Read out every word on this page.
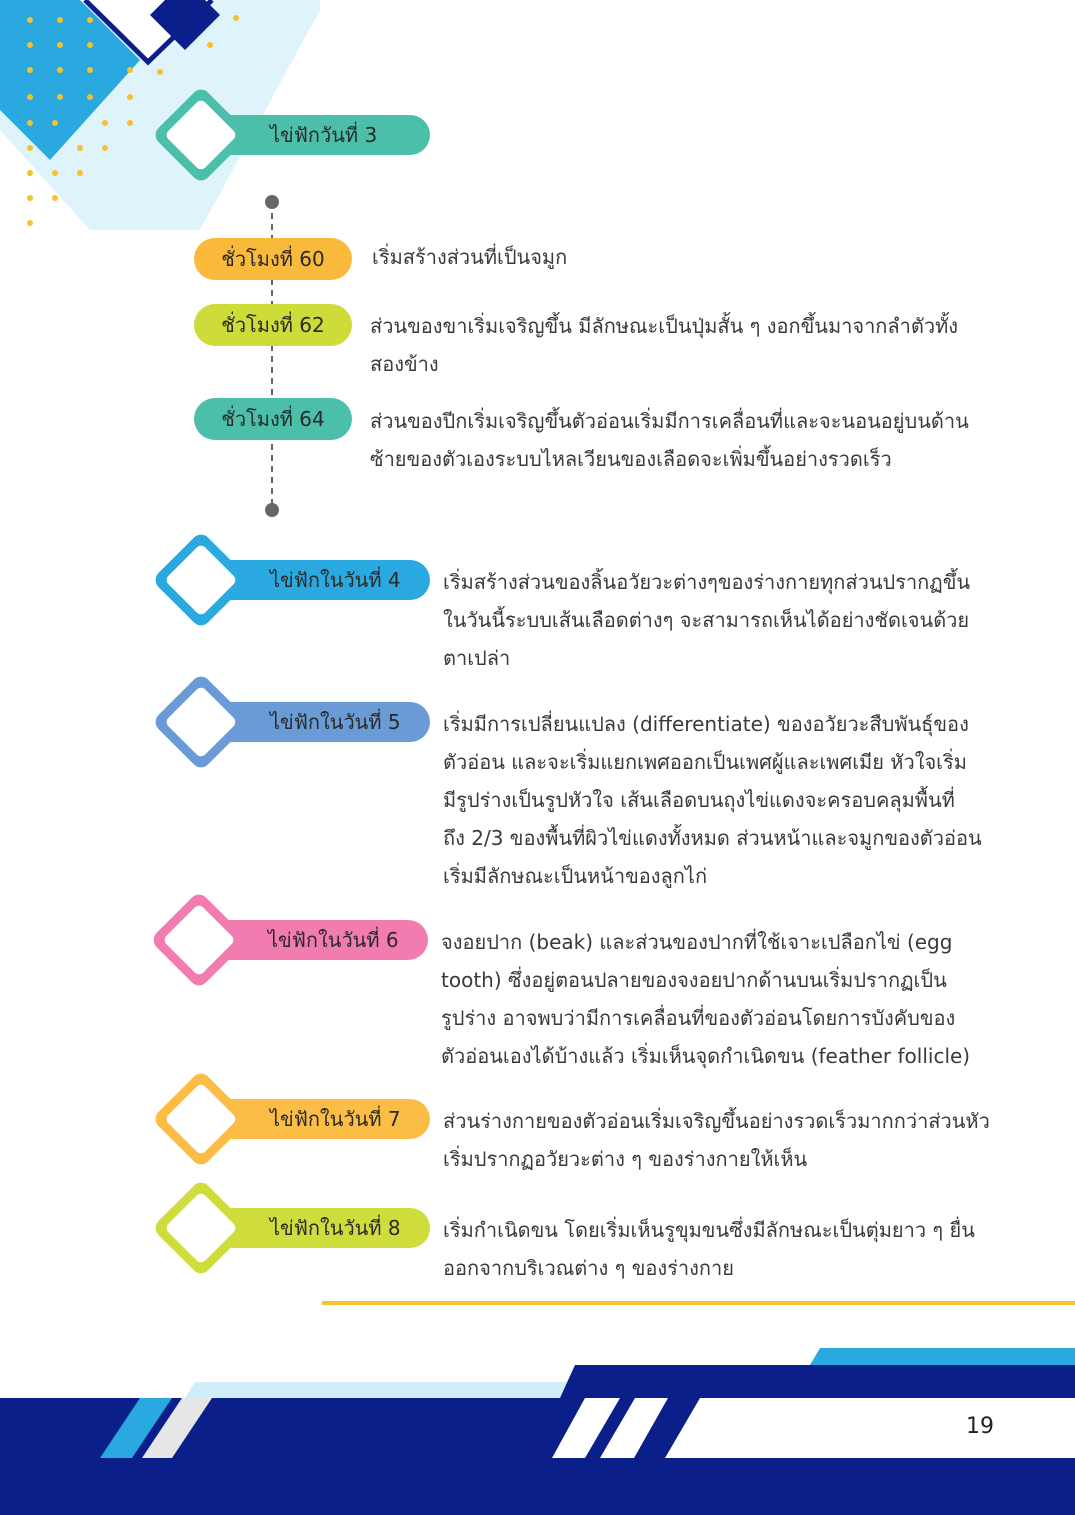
ไข่ฟักวันที่ 3
ชั่วโมงที่ 60	เริ่มสร้างส่วนที่เป็นจมูก
ชั่วโมงที่ 62	ส่วนของขาเริ่มเจริญขึ้น มีลักษณะเป็นปุ่มสั้น ๆ งอกขึ้นมาจากลำตัวทั้ง
สองข้าง
ชั่วโมงที่ 64	ส่วนของปีกเริ่มเจริญขึ้นตัวอ่อนเริ่มมีการเคลื่อนที่และจะนอนอยู่บนด้าน
ซ้ายของตัวเองระบบไหลเวียนของเลือดจะเพิ่มขึ้นอย่างรวดเร็ว
ไข่ฟักในวันที่ 4	เริ่มสร้างส่วนของลิ้นอวัยวะต่างๆของร่างกายทุกส่วนปรากฏขึ้น
ในวันนี้ระบบเส้นเลือดต่างๆ จะสามารถเห็นได้อย่างชัดเจนด้วย
ตาเปล่า
ไข่ฟักในวันที่ 5	เริ่มมีการเปลี่ยนแปลง (differentiate) ของอวัยวะสืบพันธุ์ของ
ตัวอ่อน และจะเริ่มแยกเพศออกเป็นเพศผู้และเพศเมีย หัวใจเริ่ม
มีรูปร่างเป็นรูปหัวใจ เส้นเลือดบนถุงไข่แดงจะครอบคลุมพื้นที่
ถึง 2/3 ของพื้นที่ผิวไข่แดงทั้งหมด ส่วนหน้าและจมูกของตัวอ่อน
เริ่มมีลักษณะเป็นหน้าของลูกไก่
ไข่ฟักในวันที่ 6	จงอยปาก (beak) และส่วนของปากที่ใช้เจาะเปลือกไข่ (egg
tooth) ซึ่งอยู่ตอนปลายของจงอยปากด้านบนเริ่มปรากฏเป็น
รูปร่าง อาจพบว่ามีการเคลื่อนที่ของตัวอ่อนโดยการบังคับของ
ตัวอ่อนเองได้บ้างแล้ว เริ่มเห็นจุดกำเนิดขน (feather follicle)
ไข่ฟักในวันที่ 7	ส่วนร่างกายของตัวอ่อนเริ่มเจริญขึ้นอย่างรวดเร็วมากกว่าส่วนหัว
เริ่มปรากฏอวัยวะต่าง ๆ ของร่างกายให้เห็น
ไข่ฟักในวันที่ 8	เริ่มกำเนิดขน โดยเริ่มเห็นรูขุมขนซึ่งมีลักษณะเป็นตุ่มยาว ๆ ยื่น
ออกจากบริเวณต่าง ๆ ของร่างกาย
19
